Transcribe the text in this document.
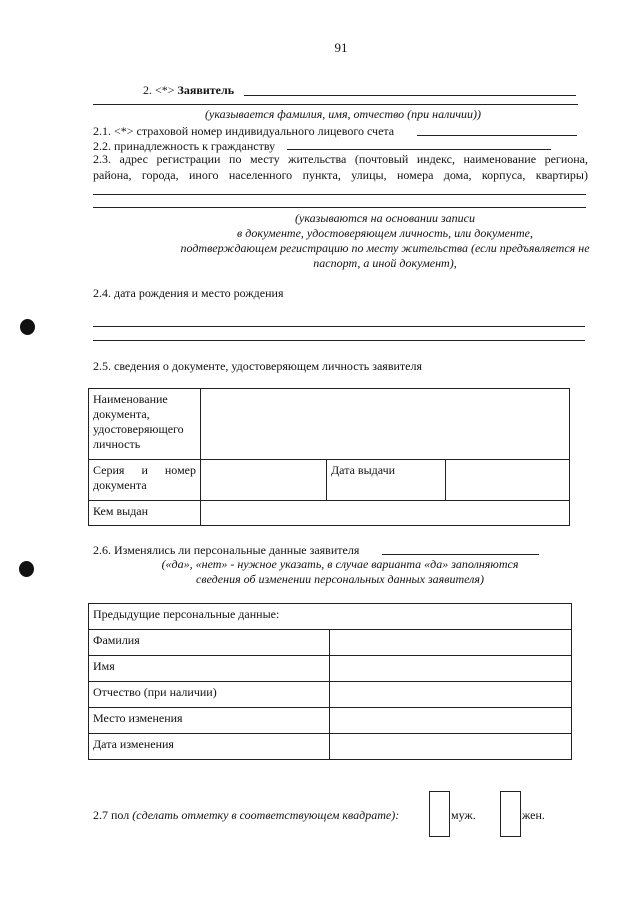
91
2. <*> Заявитель
(указывается фамилия, имя, отчество (при наличии))
2.1. <*> страховой номер индивидуального лицевого счета
2.2. принадлежность к гражданству
2.3. адрес регистрации по месту жительства (почтовый индекс, наименование региона,
района, города, иного населенного пункта, улицы, номера дома, корпуса, квартиры)
(указываются на основании записи
в документе, удостоверяющем личность, или документе,
подтверждающем регистрацию по месту жительства (если предъявляется не
паспорт, а иной документ),
2.4. дата рождения и место рождения
2.5. сведения о документе, удостоверяющем личность заявителя
Наименование документа, удостоверяющего личность			

Серия и номер документа		Дата выдачи	
Кем выдан			
2.6. Изменялись ли персональные данные заявителя
(«да», «нет» - нужное указать, в случае варианта «да» заполняются
сведения об изменении персональных данных заявителя)
Предыдущие персональные данные:	
Фамилия	
Имя	
Отчество (при наличии)	
Место изменения	
Дата изменения	
2.7 пол (сделать отметку в соответствующем квадрате):	муж.	жен.
